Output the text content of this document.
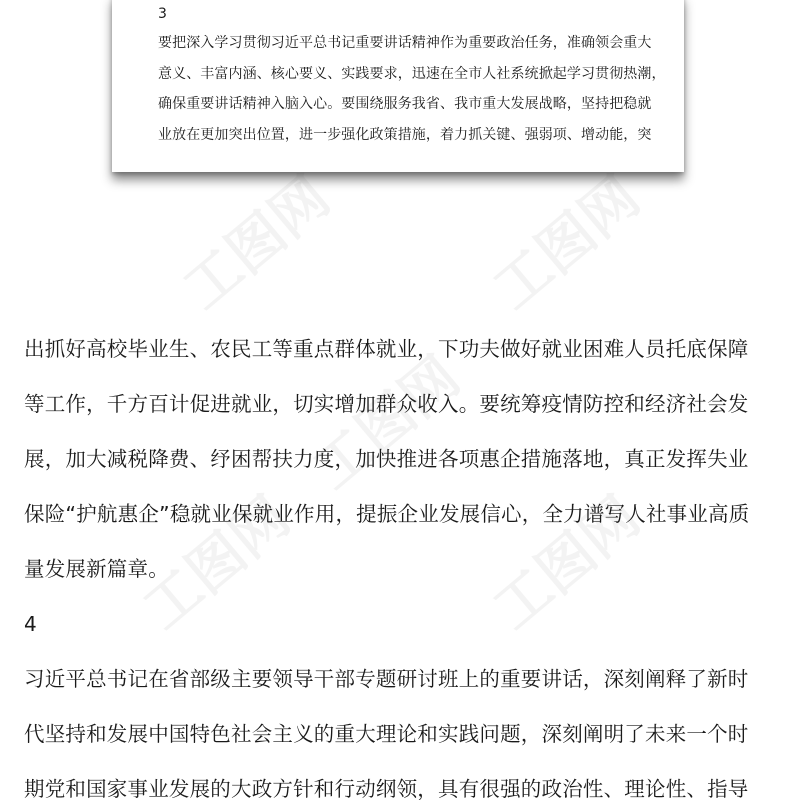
工图网 工图网
工图网
工图网	工图网

3

要把深入学习贯彻习近平总书记重要讲话精神作为重要政治任务，准确领会重大

意义、丰富内涵、核心要义、实践要求，迅速在全市人社系统掀起学习贯彻热潮，

确保重要讲话精神入脑入心。要围绕服务我省、我市重大发展战略，坚持把稳就

业放在更加突出位置，进一步强化政策措施，着力抓关键、强弱项、增动能，突

出抓好高校毕业生、农民工等重点群体就业，下功夫做好就业困难人员托底保障

等工作，千方百计促进就业，切实增加群众收入。要统筹疫情防控和经济社会发

展，加大减税降费、纾困帮扶力度，加快推进各项惠企措施落地，真正发挥失业

保险“护航惠企”稳就业保就业作用，提振企业发展信心，全力谱写人社事业高质

量发展新篇章。

4

习近平总书记在省部级主要领导干部专题研讨班上的重要讲话，深刻阐释了新时

代坚持和发展中国特色社会主义的重大理论和实践问题，深刻阐明了未来一个时

期党和国家事业发展的大政方针和行动纲领，具有很强的政治性、理论性、指导
